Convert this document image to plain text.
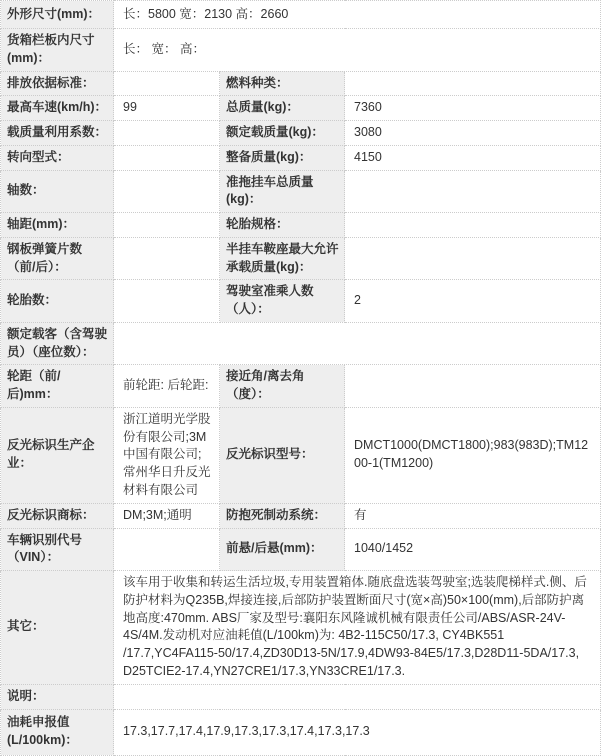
外形尺寸(mm)：	长：5800 宽：2130 高：2660		
货箱栏板内尺寸(mm)：	长： 宽： 高：		
排放依据标准：		燃料种类：	
最高车速(km/h)：	99	总质量(kg)：	7360
载质量利用系数：		额定载质量(kg)：	3080
转向型式：		整备质量(kg)：	4150
轴数：		准拖挂车总质量(kg)：	
轴距(mm)：		轮胎规格：	
钢板弹簧片数（前/后）：		半挂车鞍座最大允许承载质量(kg)：	
轮胎数：		驾驶室准乘人数（人）：	2
额定载客（含驾驶员）（座位数）：			
轮距（前/后)mm：	前轮距: 后轮距:	接近角/离去角（度）：	
反光标识生产企业：	浙江道明光学股份有限公司;3M中国有限公司;常州华日升反光材料有限公司	反光标识型号：	DMCT1000(DMCT1800);983(983D);TM1200-1(TM1200)
反光标识商标：	DM;3M;通明	防抱死制动系统：	有
车辆识别代号（VIN）：		前悬/后悬(mm)：	1040/1452
其它：	该车用于收集和转运生活垃圾,专用装置箱体.随底盘选装驾驶室;选装爬梯样式.侧、后防护材料为Q235B,焊接连接,后部防护装置断面尺寸(宽×高)50×100(mm),后部防护离地高度:470mm. ABS厂家及型号:襄阳东风隆诚机械有限责任公司/ABS/ASR-24V-4S/4M.发动机对应油耗值(L/100km)为: 4B2-115C50/17.3, CY4BK551 /17.7,YC4FA115-50/17.4,ZD30D13-5N/17.9,4DW93-84E5/17.3,D28D11-5DA/17.3, D25TCIE2-17.4,YN27CRE1/17.3,YN33CRE1/17.3.		
说明：			
油耗申报值(L/100km)：	17.3,17.7,17.4,17.9,17.3,17.3,17.4,17.3,17.3		
